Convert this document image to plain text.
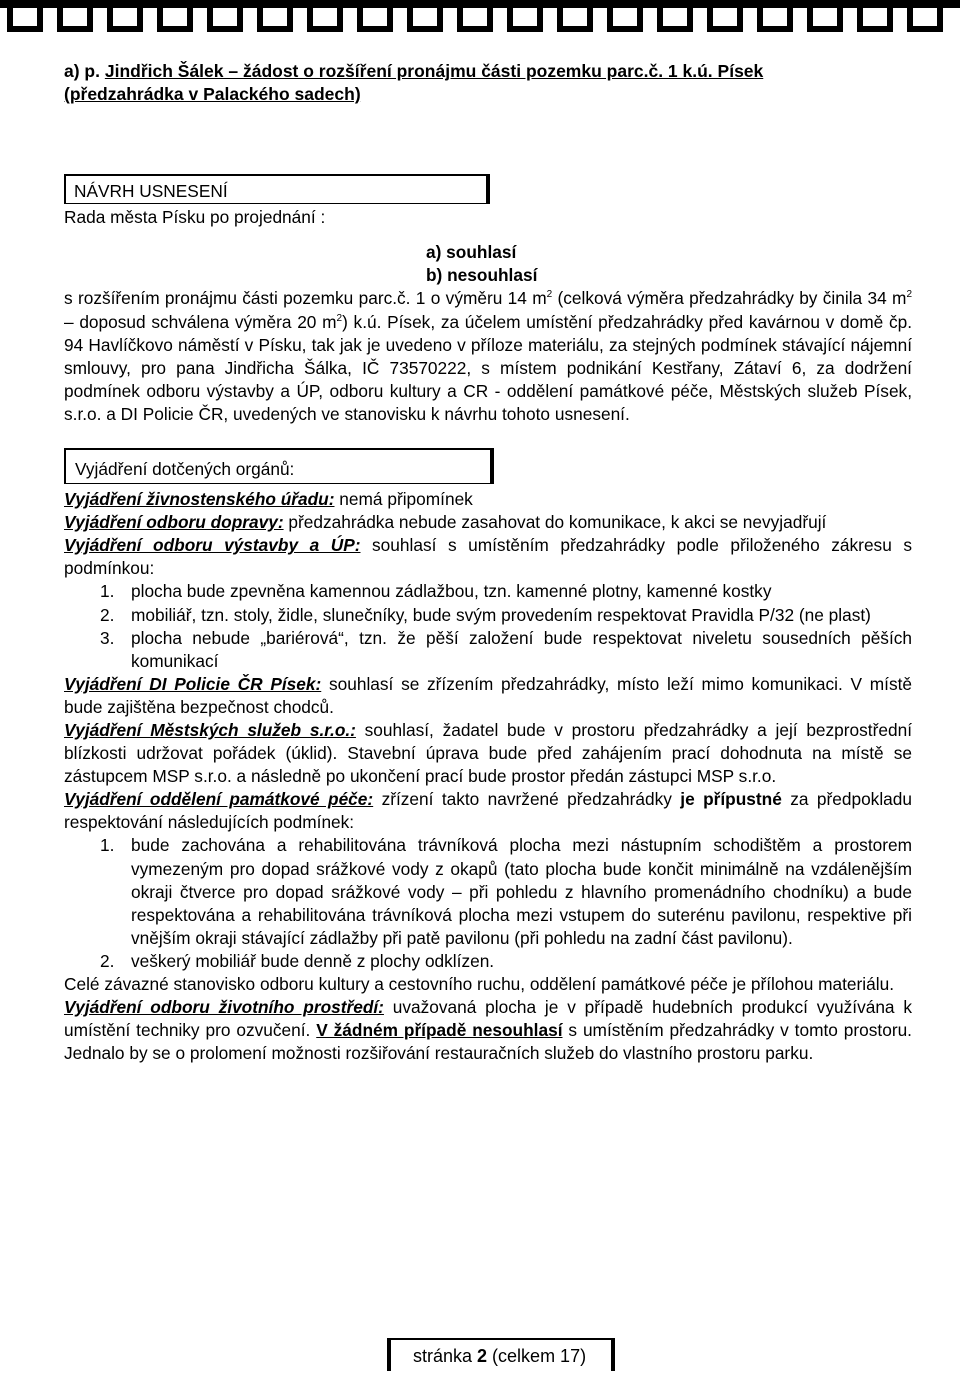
a) p. Jindřich Šálek – žádost o rozšíření pronájmu části pozemku parc.č. 1 k.ú. Písek
(předzahrádka v Palackého sadech)
NÁVRH USNESENÍ
Rada města Písku po projednání :
a) souhlasí
b) nesouhlasí
s rozšířením pronájmu části pozemku parc.č. 1 o výměru 14 $m^2$ (celková výměra předzahrádky by činila 34 $m^2$ – doposud schválena výměra 20 $m^2$) k.ú. Písek, za účelem umístění předzahrádky před kavárnou v domě čp. 94 Havlíčkovo náměstí v Písku, tak jak je uvedeno v příloze materiálu, za stejných podmínek stávající nájemní smlouvy, pro pana Jindřicha Šálka, IČ 73570222, s místem podnikání Kestřany, Zátaví 6, za dodržení podmínek odboru výstavby a ÚP, odboru kultury a CR - oddělení památkové péče, Městských služeb Písek, s.r.o. a DI Policie ČR, uvedených ve stanovisku k návrhu tohoto usnesení.
Vyjádření dotčených orgánů:
Vyjádření živnostenského úřadu: nemá připomínek
Vyjádření odboru dopravy: předzahrádka nebude zasahovat do komunikace, k akci se nevyjadřují
Vyjádření odboru výstavby a ÚP: souhlasí s umístěním předzahrádky podle přiloženého zákresu s podmínkou:
1. plocha bude zpevněna kamennou zádlažbou, tzn. kamenné plotny, kamenné kostky
2. mobiliář, tzn. stoly, židle, slunečníky, bude svým provedením respektovat Pravidla P/32 (ne plast)
3. plocha nebude „bariérová“, tzn. že pěší založení bude respektovat niveletu sousedních pěších komunikací
Vyjádření DI Policie ČR Písek: souhlasí se zřízením předzahrádky, místo leží mimo komunikaci. V místě bude zajištěna bezpečnost chodců.
Vyjádření Městských služeb s.r.o.: souhlasí, žadatel bude v prostoru předzahrádky a její bezprostřední blízkosti udržovat pořádek (úklid). Stavební úprava bude před zahájením prací dohodnuta na místě se zástupcem MSP s.r.o. a následně po ukončení prací bude prostor předán zástupci MSP s.r.o.
Vyjádření oddělení památkové péče: zřízení takto navržené předzahrádky je přípustné za předpokladu respektování následujících podmínek:
1. bude zachována a rehabilitována trávníková plocha mezi nástupním schodištěm a prostorem vymezeným pro dopad srážkové vody z okapů (tato plocha bude končit minimálně na vzdálenějším okraji čtverce pro dopad srážkové vody – při pohledu z hlavního promenádního chodníku) a bude respektována a rehabilitována trávníková plocha mezi vstupem do suterénu pavilonu, respektive při vnějším okraji stávající zádlažby při patě pavilonu (při pohledu na zadní část pavilonu).
2. veškerý mobiliář bude denně z plochy odklízen.
Celé závazné stanovisko odboru kultury a cestovního ruchu, oddělení památkové péče je přílohou materiálu.
Vyjádření odboru životního prostředí: uvažovaná plocha je v případě hudebních produkcí využívána k umístění techniky pro ozvučení. V žádném případě nesouhlasí s umístěním předzahrádky v tomto prostoru. Jednalo by se o prolomení možnosti rozšiřování restauračních služeb do vlastního prostoru parku.
stránka 2 (celkem 17)
